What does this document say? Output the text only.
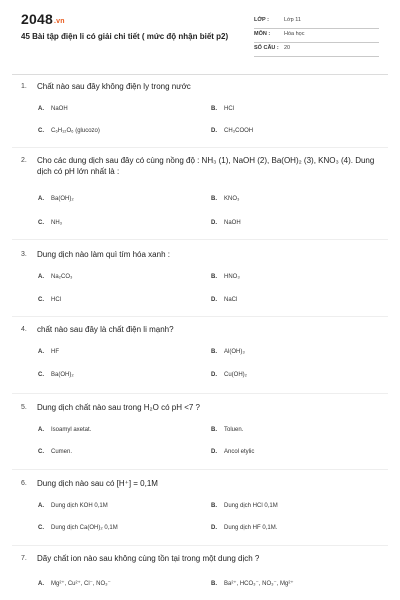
2048.vn
45 Bài tập điện li có giải chi tiết ( mức độ nhận biết p2)
LỚP :	Lớp 11
MÔN :	Hóa học
SỐ CÂU : 20
1. Chất nào sau đây không điện ly trong nước
A. NaOH	B. HCl
C. C₆H₁₂O₆ (glucozo)	D. CH₃COOH
2. Cho các dung dịch sau đây có cùng nồng độ : NH₃ (1), NaOH (2), Ba(OH)₂ (3), KNO₃ (4). Dung dịch có pH lớn nhất là :
A. Ba(OH)₂	B. KNO₃
C. NH₃	D. NaOH
3. Dung dịch nào làm quì tím hóa xanh :
A. Na₂CO₃	B. HNO₃
C. HCl	D. NaCl
4. chất nào sau đây là chất điện li mạnh?
A. HF	B. Al(OH)₃
C. Ba(OH)₂	D. Cu(OH)₂
5. Dung dịch chất nào sau trong H₂O có pH <7 ?
A. Isoamyl axetat.	B. Toluen.
C. Cumen.	D. Ancol etylic
6. Dung dịch nào sau có [H⁺] = 0,1M
A. Dung dịch KOH 0,1M	B. Dung dịch HCl 0,1M
C. Dung dịch Ca(OH)₂ 0,1M	D. Dung dịch HF 0,1M.
7. Dãy chất ion nào sau không cùng tồn tại trong một dung dịch ?
A. Mg²⁺, Cu²⁺, Cl⁻, NO₃⁻	B. Ba²⁺, HCO₃⁻, NO₃⁻, Mg²⁺
